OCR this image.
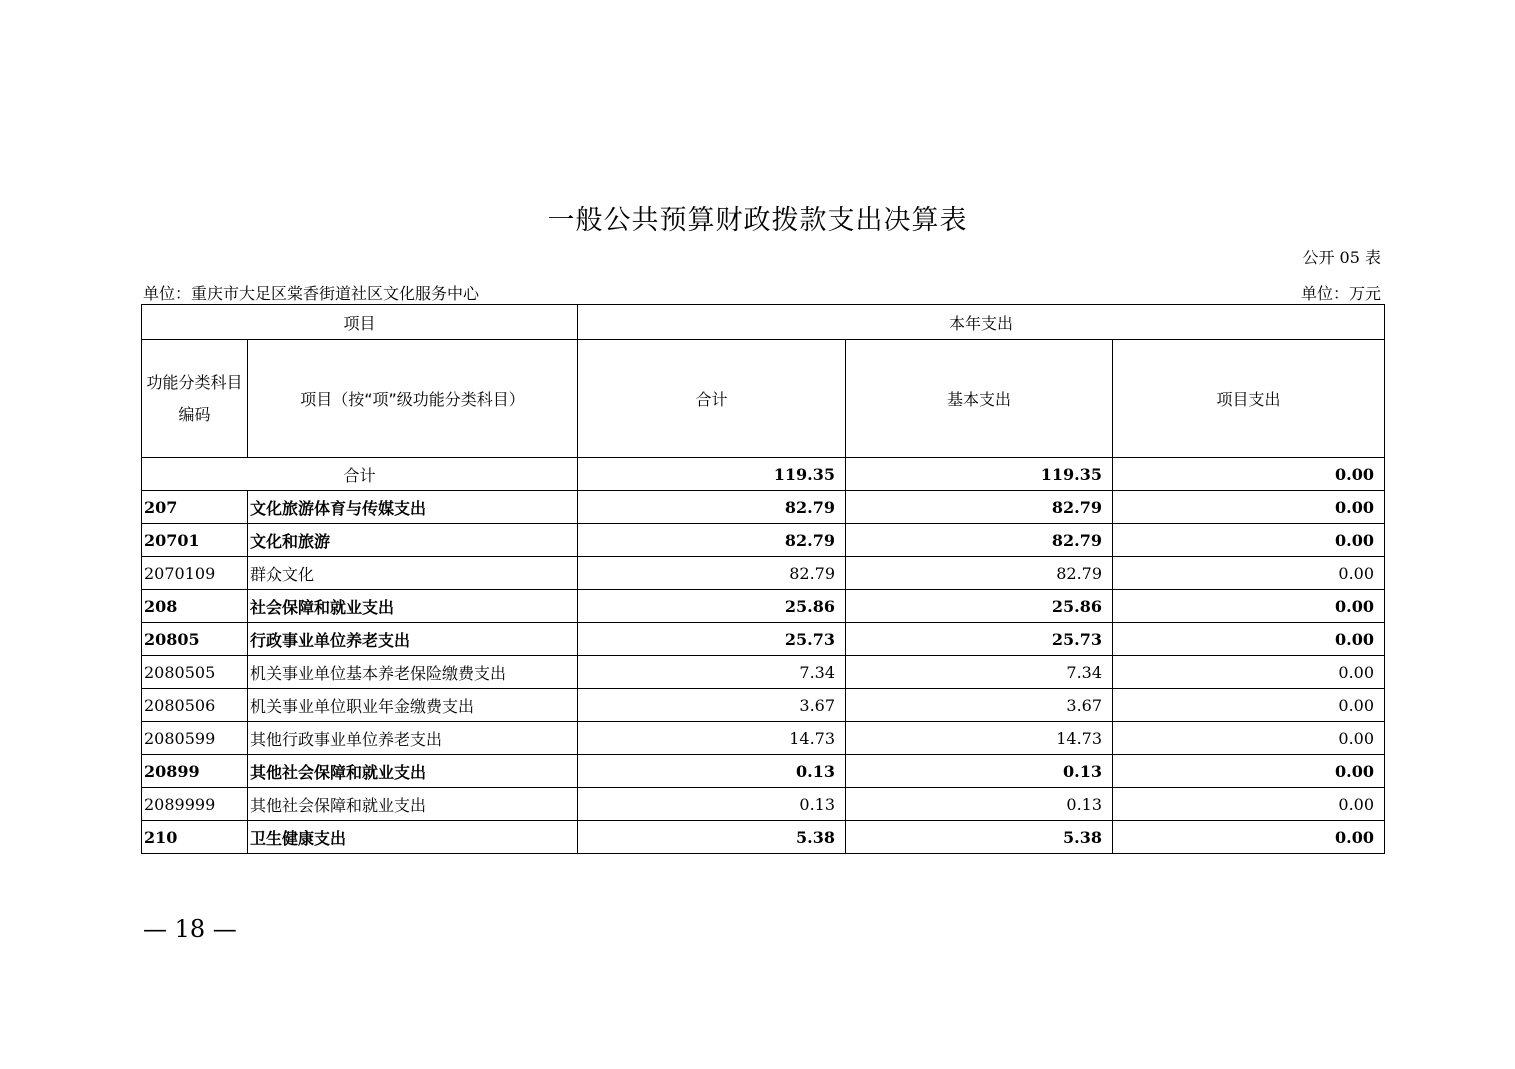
一般公共预算财政拨款支出决算表
公开 05 表
单位：重庆市大足区棠香街道社区文化服务中心	单位：万元
项目		本年支出		
功能分类科目编码	项目（按“项”级功能分类科目）	合计	基本支出	项目支出
合计		119.35	119.35	0.00
207	文化旅游体育与传媒支出	82.79	82.79	0.00
20701	文化和旅游	82.79	82.79	0.00
2070109	群众文化	82.79	82.79	0.00
208	社会保障和就业支出	25.86	25.86	0.00
20805	行政事业单位养老支出	25.73	25.73	0.00
2080505	机关事业单位基本养老保险缴费支出	7.34	7.34	0.00
2080506	机关事业单位职业年金缴费支出	3.67	3.67	0.00
2080599	其他行政事业单位养老支出	14.73	14.73	0.00
20899	其他社会保障和就业支出	0.13	0.13	0.00
2089999	其他社会保障和就业支出	0.13	0.13	0.00
210	卫生健康支出	5.38	5.38	0.00
— 18 —
